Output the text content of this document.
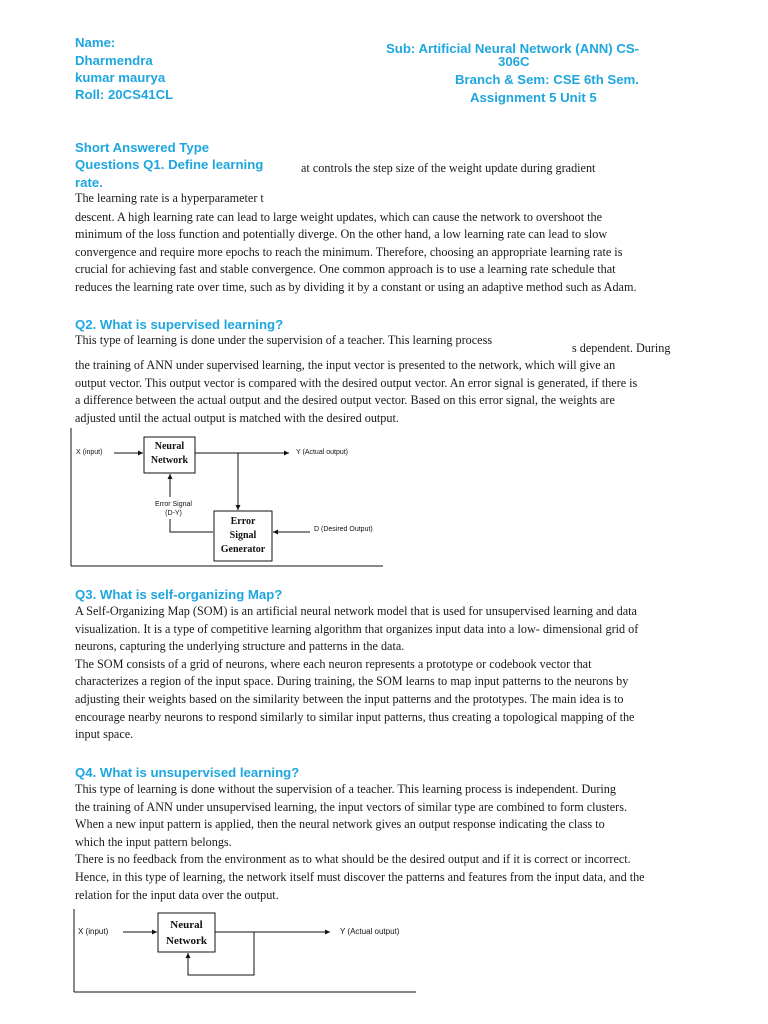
Name:
Dharmendra
kumar maurya
Roll: 20CS41CL
Sub: Artificial Neural Network (ANN) CS-
306C
Branch & Sem: CSE 6th Sem.
Assignment 5 Unit 5
Short Answered Type
Questions Q1. Define learning
rate.
at controls the step size of the weight update during gradient
The learning rate is a hyperparameter t
descent. A high learning rate can lead to large weight updates, which can cause the network to overshoot the
minimum of the loss function and potentially diverge. On the other hand, a low learning rate can lead to slow
convergence and require more epochs to reach the minimum. Therefore, choosing an appropriate learning rate is
crucial for achieving fast and stable convergence. One common approach is to use a learning rate schedule that
reduces the learning rate over time, such as by dividing it by a constant or using an adaptive method such as Adam.
Q2. What is supervised learning?
This type of learning is done under the supervision of a teacher. This learning process
s dependent. During
the training of ANN under supervised learning, the input vector is presented to the network, which will give an
output vector. This output vector is compared with the desired output vector. An error signal is generated, if there is
a difference between the actual output and the desired output vector. Based on this error signal, the weights are
adjusted until the actual output is matched with the desired output.
X (input)
Neural
Network
Y (Actual output)
Error Signal
(D-Y)
Error
Signal
Generator
D (Desired Output)
Q3. What is self-organizing Map?
A Self-Organizing Map (SOM) is an artificial neural network model that is used for unsupervised learning and data
visualization. It is a type of competitive learning algorithm that organizes input data into a low- dimensional grid of
neurons, capturing the underlying structure and patterns in the data.
The SOM consists of a grid of neurons, where each neuron represents a prototype or codebook vector that
characterizes a region of the input space. During training, the SOM learns to map input patterns to the neurons by
adjusting their weights based on the similarity between the input patterns and the prototypes. The main idea is to
encourage nearby neurons to respond similarly to similar input patterns, thus creating a topological mapping of the
input space.
Q4. What is unsupervised learning?
This type of learning is done without the supervision of a teacher. This learning process is independent. During
the training of ANN under unsupervised learning, the input vectors of similar type are combined to form clusters.
When a new input pattern is applied, then the neural network gives an output response indicating the class to
which the input pattern belongs.
There is no feedback from the environment as to what should be the desired output and if it is correct or incorrect.
Hence, in this type of learning, the network itself must discover the patterns and features from the input data, and the
relation for the input data over the output.
X (input)
Neural
Network
Y (Actual output)
